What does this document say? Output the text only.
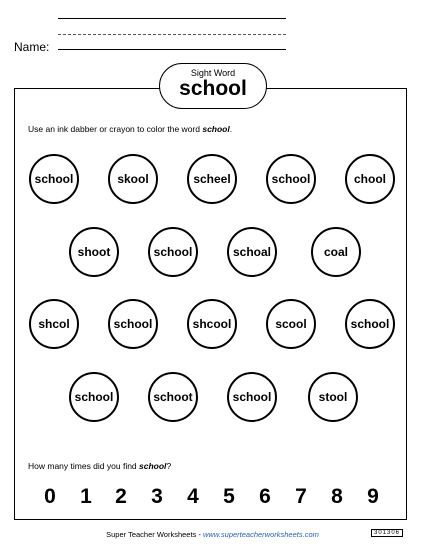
Name:
Sight Word
school
Use an ink dabber or crayon to color the word school.
school	skool	scheel	school	chool
shoot	school	schoal	coal
shcol	school	shcool	scool	school
school	schoot	school	stool
How many times did you find school?
0 1 2 3 4 5 6 7 8 9
Super Teacher Worksheets - www.superteacherworksheets.com	301306
